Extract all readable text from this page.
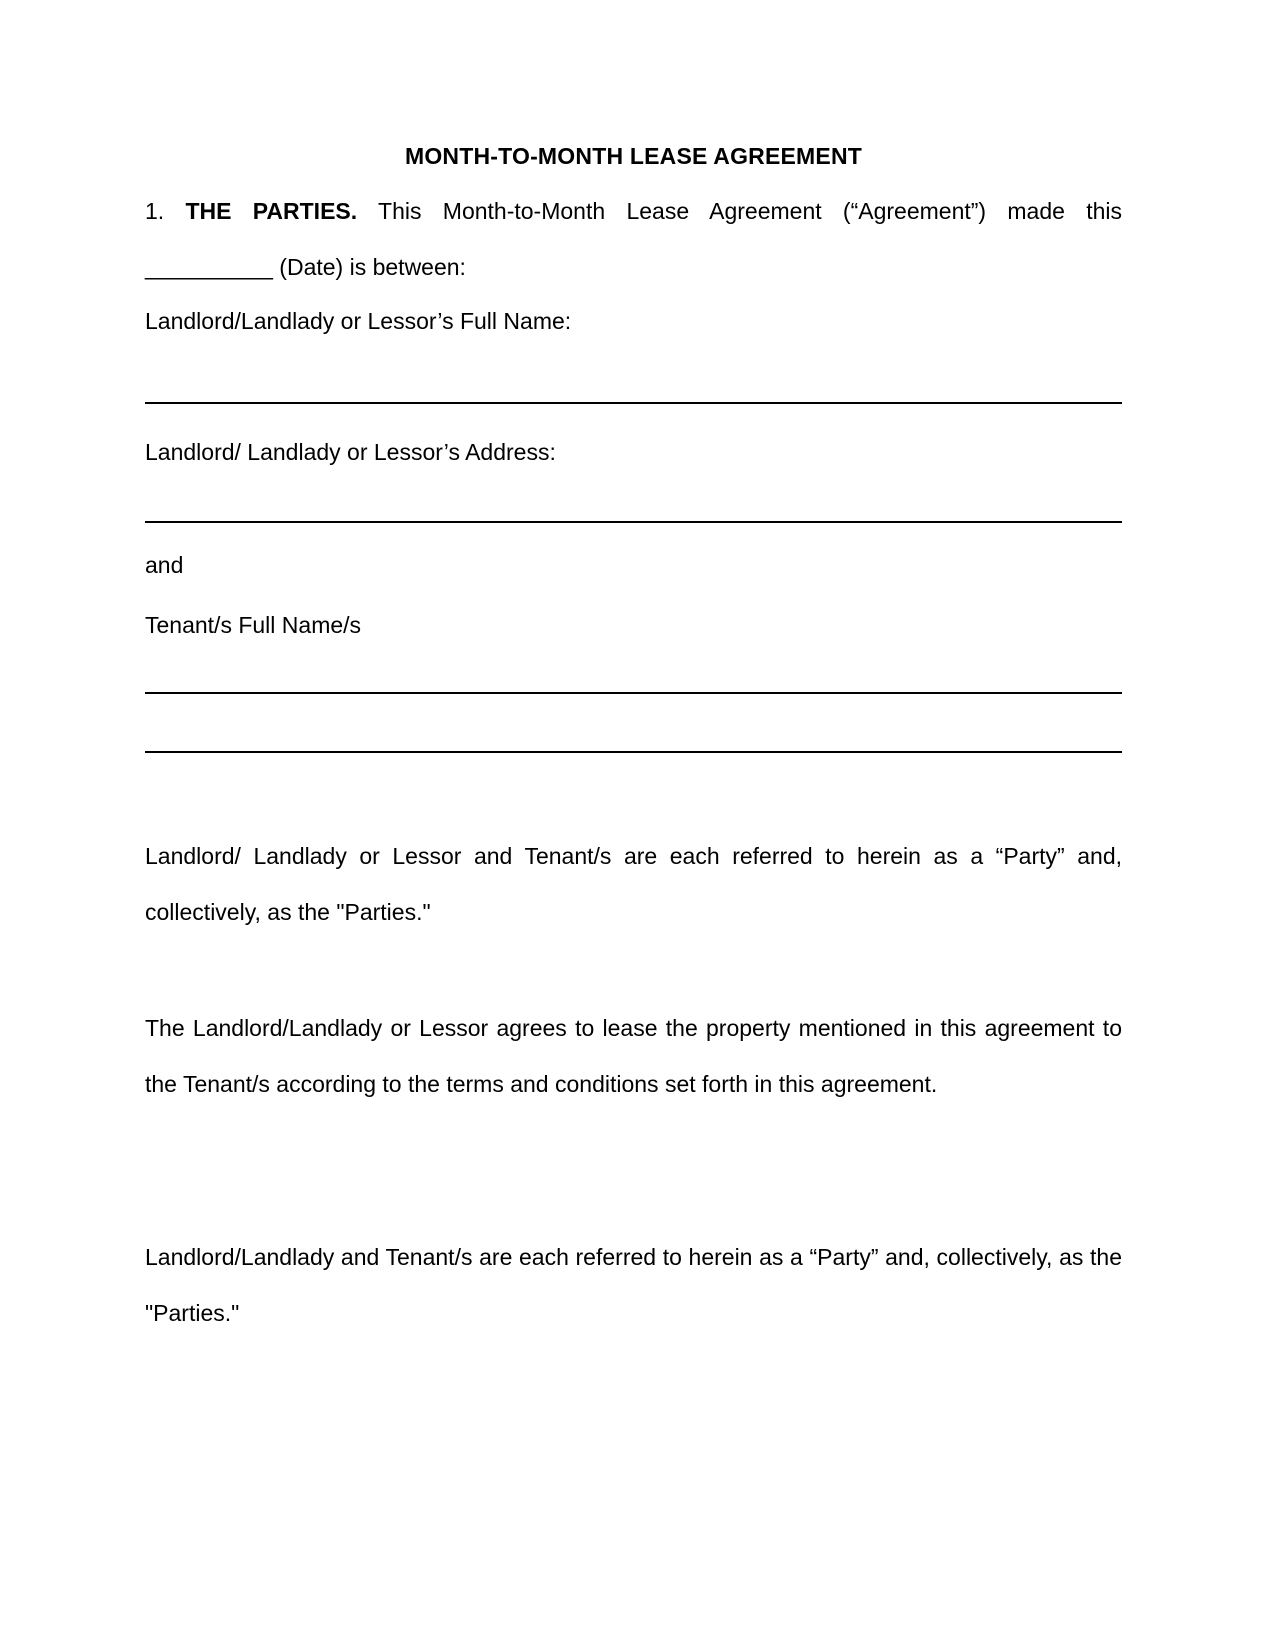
MONTH-TO-MONTH LEASE AGREEMENT

1. THE PARTIES. This Month-to-Month Lease Agreement (“Agreement”) made this __________ (Date) is between:

Landlord/Landlady or Lessor’s Full Name:

Landlord/ Landlady or Lessor’s Address:

and

Tenant/s Full Name/s

Landlord/ Landlady or Lessor and Tenant/s are each referred to herein as a “Party” and, collectively, as the "Parties."

The Landlord/Landlady or Lessor agrees to lease the property mentioned in this agreement to the Tenant/s according to the terms and conditions set forth in this agreement.

Landlord/Landlady and Tenant/s are each referred to herein as a “Party” and, collectively, as the "Parties."
